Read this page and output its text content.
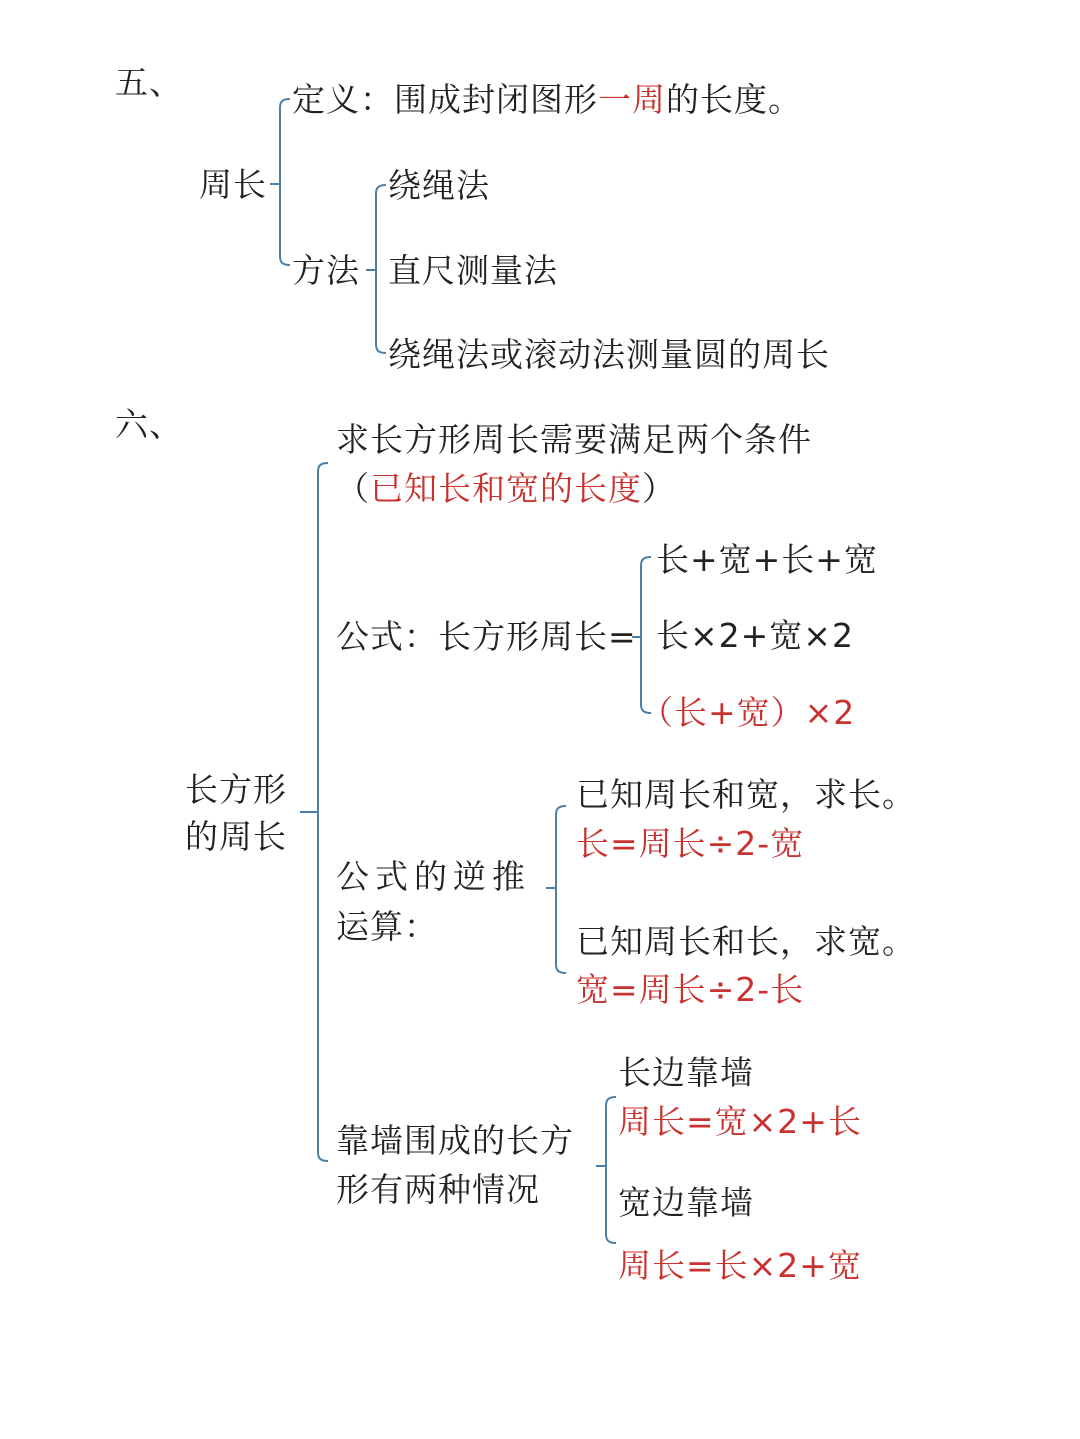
五、
周长
定义：围成封闭图形一周的长度。
方法
绕绳法
直尺测量法
绕绳法或滚动法测量圆的周长
六、
长方形
的周长
求长方形周长需要满足两个条件
（已知长和宽的长度）
公式：长方形周长=
长+宽+长+宽
长×2+宽×2
（长+宽）×2
公式的逆推
运算：
已知周长和宽，求长。
长=周长÷2-宽
已知周长和长，求宽。
宽=周长÷2-长
靠墙围成的长方
形有两种情况
长边靠墙
周长=宽×2+长
宽边靠墙
周长=长×2+宽
